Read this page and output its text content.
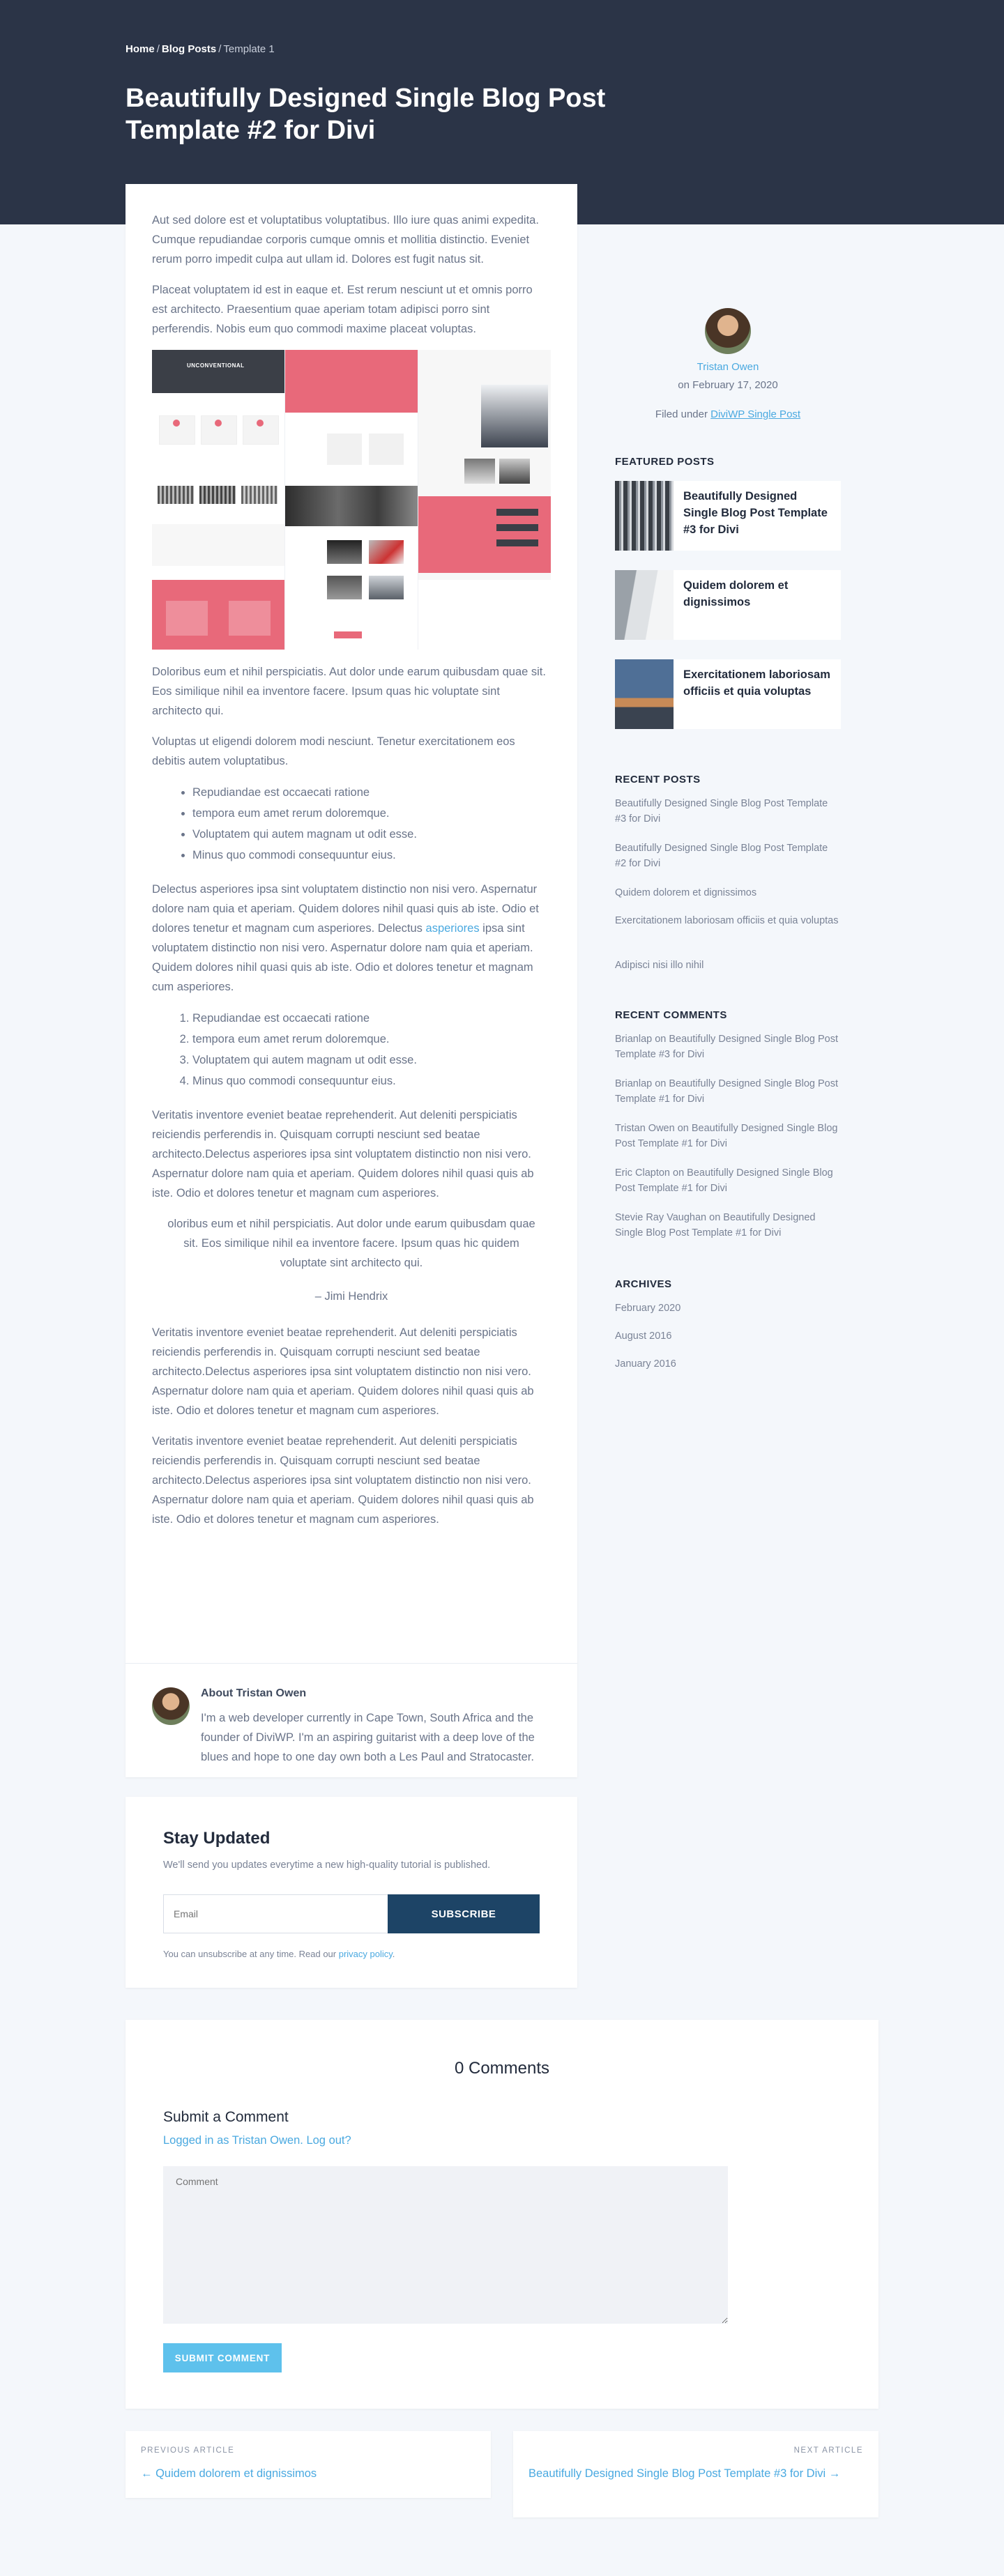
Home / Blog Posts / Template 1
Beautifully Designed Single Blog Post Template #2 for Divi

Aut sed dolore est et voluptatibus voluptatibus. Illo iure quas animi expedita. Cumque repudiandae corporis cumque omnis et mollitia distinctio. Eveniet rerum porro impedit culpa aut ullam id. Dolores est fugit natus sit.

Placeat voluptatem id est in eaque et. Est rerum nesciunt ut et omnis porro est architecto. Praesentium quae aperiam totam adipisci porro sint perferendis. Nobis eum quo commodi maxime placeat voluptas.

UNCONVENTIONAL

Doloribus eum et nihil perspiciatis. Aut dolor unde earum quibusdam quae sit. Eos similique nihil ea inventore facere. Ipsum quas hic voluptate sint architecto qui.

Voluptas ut eligendi dolorem modi nesciunt. Tenetur exercitationem eos debitis autem voluptatibus.

• Repudiandae est occaecati ratione
• tempora eum amet rerum doloremque.
• Voluptatem qui autem magnam ut odit esse.
• Minus quo commodi consequuntur eius.

Delectus asperiores ipsa sint voluptatem distinctio non nisi vero. Aspernatur dolore nam quia et aperiam. Quidem dolores nihil quasi quis ab iste. Odio et dolores tenetur et magnam cum asperiores. Delectus asperiores ipsa sint voluptatem distinctio non nisi vero. Aspernatur dolore nam quia et aperiam. Quidem dolores nihil quasi quis ab iste. Odio et dolores tenetur et magnam cum asperiores.

1. Repudiandae est occaecati ratione
2. tempora eum amet rerum doloremque.
3. Voluptatem qui autem magnam ut odit esse.
4. Minus quo commodi consequuntur eius.

Veritatis inventore eveniet beatae reprehenderit. Aut deleniti perspiciatis reiciendis perferendis in. Quisquam corrupti nesciunt sed beatae architecto.Delectus asperiores ipsa sint voluptatem distinctio non nisi vero. Aspernatur dolore nam quia et aperiam. Quidem dolores nihil quasi quis ab iste. Odio et dolores tenetur et magnam cum asperiores.

oloribus eum et nihil perspiciatis. Aut dolor unde earum quibusdam quae sit. Eos similique nihil ea inventore facere. Ipsum quas hic quidem voluptate sint architecto qui.
– Jimi Hendrix

Veritatis inventore eveniet beatae reprehenderit. Aut deleniti perspiciatis reiciendis perferendis in. Quisquam corrupti nesciunt sed beatae architecto.Delectus asperiores ipsa sint voluptatem distinctio non nisi vero. Aspernatur dolore nam quia et aperiam. Quidem dolores nihil quasi quis ab iste. Odio et dolores tenetur et magnam cum asperiores.

Veritatis inventore eveniet beatae reprehenderit. Aut deleniti perspiciatis reiciendis perferendis in. Quisquam corrupti nesciunt sed beatae architecto.Delectus asperiores ipsa sint voluptatem distinctio non nisi vero. Aspernatur dolore nam quia et aperiam. Quidem dolores nihil quasi quis ab iste. Odio et dolores tenetur et magnam cum asperiores.

About Tristan Owen

I'm a web developer currently in Cape Town, South Africa and the founder of DiviWP. I'm an aspiring guitarist with a deep love of the blues and hope to one day own both a Les Paul and Stratocaster.

Stay Updated
We'll send you updates everytime a new high-quality tutorial is published.
Email
SUBSCRIBE
You can unsubscribe at any time. Read our privacy policy.
Tristan Owen
on February 17, 2020
Filed under DiviWP Single Post
FEATURED POSTS
Beautifully Designed Single Blog Post Template #3 for Divi
Quidem dolorem et dignissimos
Exercitationem laboriosam officiis et quia voluptas
RECENT POSTS
Beautifully Designed Single Blog Post Template #3 for Divi
Beautifully Designed Single Blog Post Template #2 for Divi
Quidem dolorem et dignissimos
Exercitationem laboriosam officiis et quia voluptas
Adipisci nisi illo nihil
RECENT COMMENTS
Brianlap on Beautifully Designed Single Blog Post Template #3 for Divi
Brianlap on Beautifully Designed Single Blog Post Template #1 for Divi
Tristan Owen on Beautifully Designed Single Blog Post Template #1 for Divi
Eric Clapton on Beautifully Designed Single Blog Post Template #1 for Divi
Stevie Ray Vaughan on Beautifully Designed Single Blog Post Template #1 for Divi
ARCHIVES
February 2020
August 2016
January 2016
0 Comments
Submit a Comment
Logged in as Tristan Owen. Log out?
Comment
SUBMIT COMMENT
PREVIOUS ARTICLE
← Quidem dolorem et dignissimos
NEXT ARTICLE
Beautifully Designed Single Blog Post Template #3 for Divi →
